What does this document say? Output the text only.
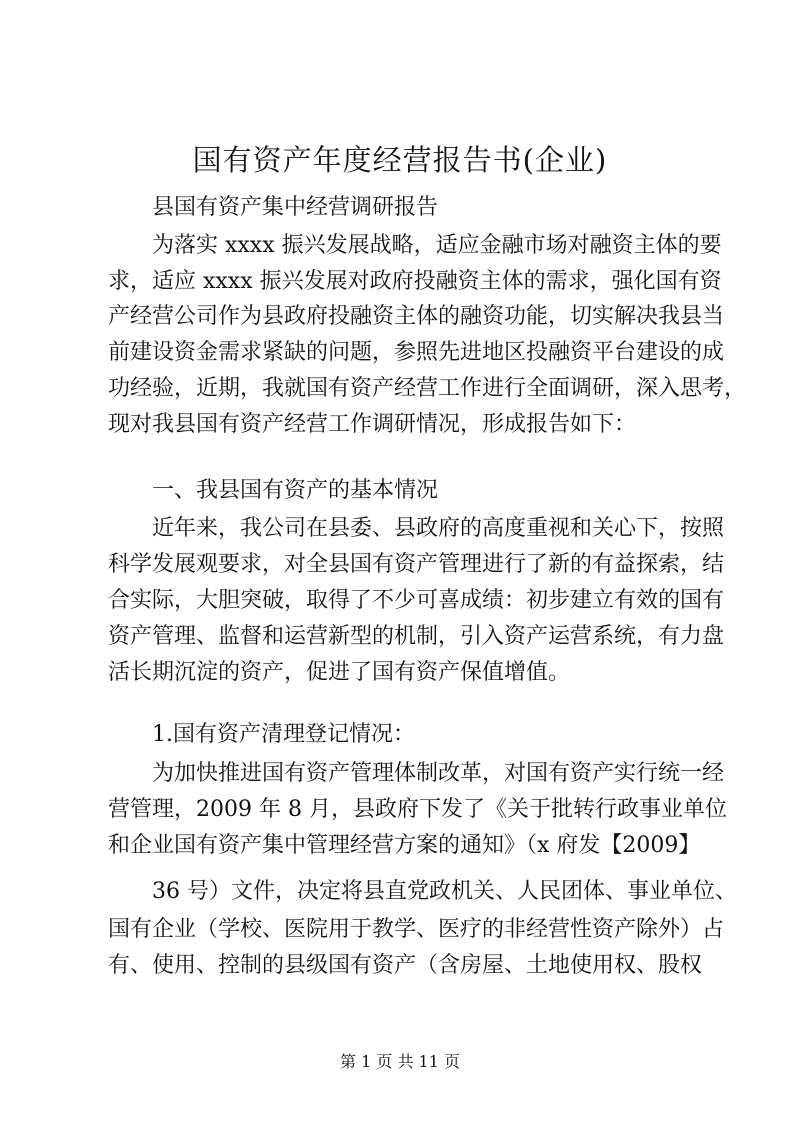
国有资产年度经营报告书(企业)
县国有资产集中经营调研报告
为落实 xxxx 振兴发展战略，适应金融市场对融资主体的要
求，适应 xxxx 振兴发展对政府投融资主体的需求，强化国有资
产经营公司作为县政府投融资主体的融资功能，切实解决我县当
前建设资金需求紧缺的问题，参照先进地区投融资平台建设的成
功经验，近期，我就国有资产经营工作进行全面调研，深入思考，
现对我县国有资产经营工作调研情况，形成报告如下：
一、我县国有资产的基本情况
近年来，我公司在县委、县政府的高度重视和关心下，按照
科学发展观要求，对全县国有资产管理进行了新的有益探索，结
合实际，大胆突破，取得了不少可喜成绩：初步建立有效的国有
资产管理、监督和运营新型的机制，引入资产运营系统，有力盘
活长期沉淀的资产，促进了国有资产保值增值。
1.国有资产清理登记情况：
为加快推进国有资产管理体制改革，对国有资产实行统一经
营管理，2009 年 8 月，县政府下发了《关于批转行政事业单位
和企业国有资产集中管理经营方案的通知》（x 府发【2009】
36 号）文件，决定将县直党政机关、人民团体、事业单位、
国有企业（学校、医院用于教学、医疗的非经营性资产除外）占
有、使用、控制的县级国有资产（含房屋、土地使用权、股权
第 1 页 共 11 页
